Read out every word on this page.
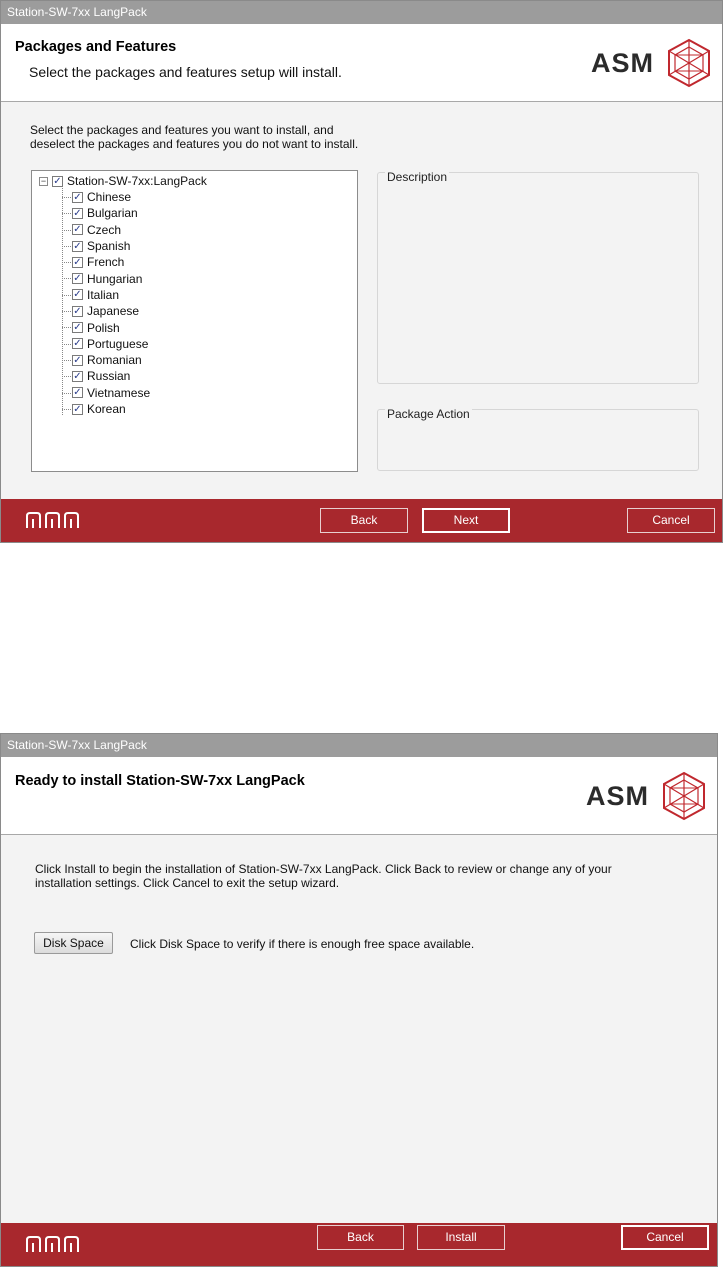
Station-SW-7xx LangPack
Packages and Features
Select the packages and features setup will install.	ASM
Select the packages and features you want to install, and
deselect the packages and features you do not want to install.
− ✓ Station-SW-7xx:LangPack
✓ Chinese
✓ Bulgarian
✓ Czech
✓ Spanish
✓ French
✓ Hungarian
✓ Italian
✓ Japanese
✓ Polish
✓ Portuguese
✓ Romanian
✓ Russian
✓ Vietnamese
✓ Korean
Description
Package Action
Back	Next	Cancel
Station-SW-7xx LangPack
Ready to install Station-SW-7xx LangPack	ASM
Back	Install	Cancel
Click Install to begin the installation of Station-SW-7xx LangPack. Click Back to review or change any of your
installation settings. Click Cancel to exit the setup wizard.
Disk Space	Click Disk Space to verify if there is enough free space available.
